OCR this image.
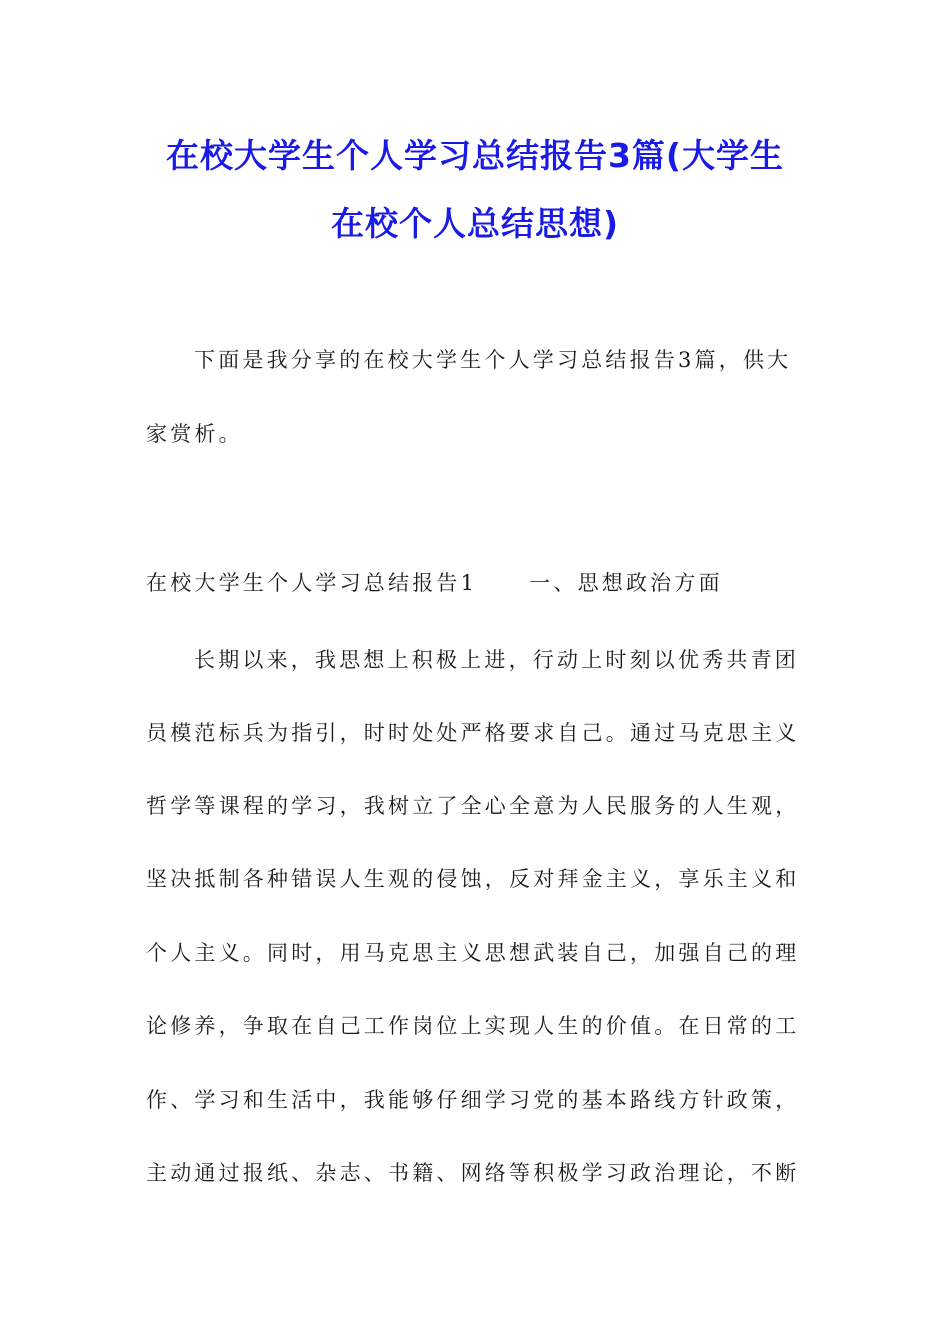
在校大学生个人学习总结报告3篇(大学生
在校个人总结思想)
下面是我分享的在校大学生个人学习总结报告3篇，供大
家赏析。
在校大学生个人学习总结报告1 一、思想政治方面
长期以来，我思想上积极上进，行动上时刻以优秀共青团
员模范标兵为指引，时时处处严格要求自己。通过马克思主义
哲学等课程的学习，我树立了全心全意为人民服务的人生观，
坚决抵制各种错误人生观的侵蚀，反对拜金主义，享乐主义和
个人主义。同时，用马克思主义思想武装自己，加强自己的理
论修养，争取在自己工作岗位上实现人生的价值。在日常的工
作、学习和生活中，我能够仔细学习党的基本路线方针政策，
主动通过报纸、杂志、书籍、网络等积极学习政治理论，不断
